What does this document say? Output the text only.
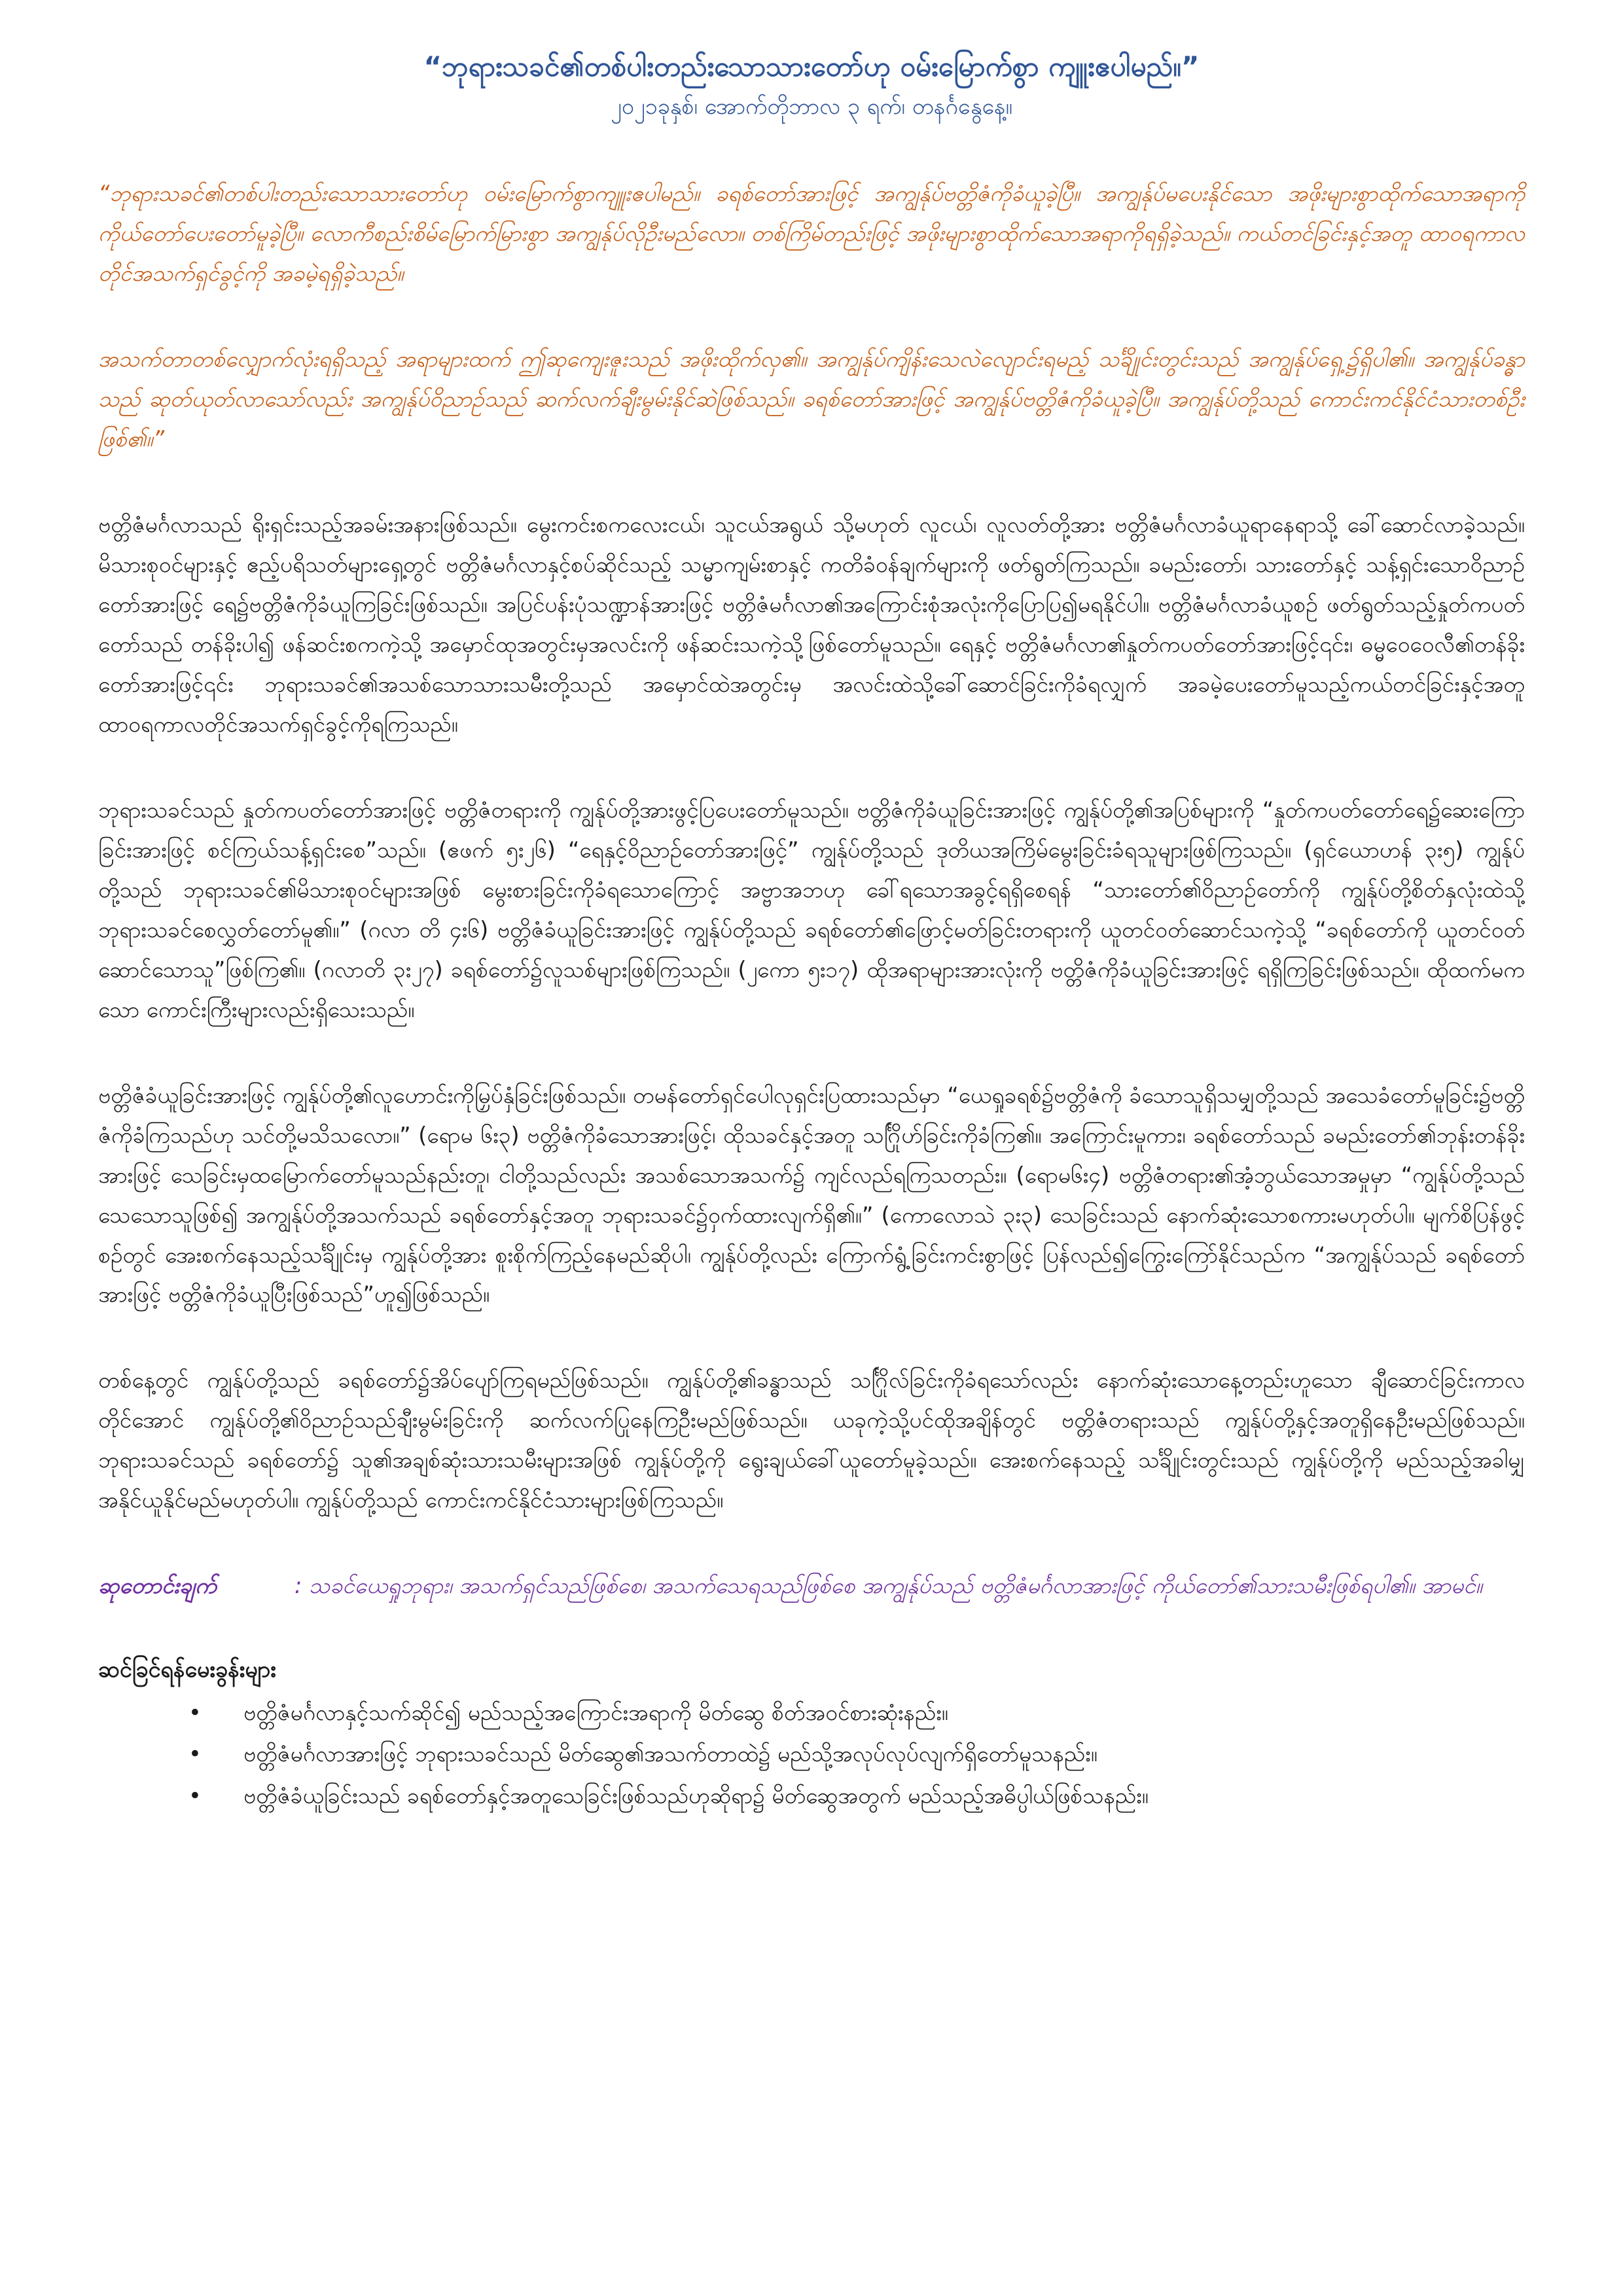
“ဘုရားသခင်၏တစ်ပါးတည်းသောသားတော်ဟု ဝမ်းမြောက်စွာ ကျူးဧပါမည်။”

၂၀၂၁ခုနှစ်၊ အောက်တိုဘာလ ၃ ရက်၊ တနင်္ဂနွေနေ့။

“ဘုရားသခင်၏တစ်ပါးတည်းသောသားတော်ဟု ဝမ်းမြောက်စွာကျူးဧပါမည်။ ခရစ်တော်အားဖြင့် အကျွန်ုပ်ဗတ္တိဇံကိုခံယူခဲ့ပြီ။ အကျွန်ုပ်မပေးနိုင်သော အဖိုးများစွာထိုက်သောအရာကို ကိုယ်တော်ပေးတော်မူခဲ့ပြီ။ လောကီစည်းစိမ်မြောက်မြားစွာ အကျွန်ုပ်လိုဦးမည်လော။ တစ်ကြိမ်တည်းဖြင့် အဖိုးများစွာထိုက်သောအရာကိုရရှိခဲ့သည်။ ကယ်တင်ခြင်းနှင့်အတူ ထာဝရကာလတိုင်အသက်ရှင်ခွင့်ကို အခမဲ့ရရှိခဲ့သည်။

အသက်တာတစ်လျှောက်လုံးရရှိသည့် အရာများထက် ဤဆုကျေးဇူးသည် အဖိုးထိုက်လှ၏။ အကျွန်ုပ်ကျိန်းသေလဲလျောင်းရမည့် သင်္ချိုင်းတွင်းသည် အကျွန်ုပ်ရှေ့၌ရှိပါ၏။ အကျွန်ုပ်ခန္ဓာသည် ဆုတ်ယုတ်လာသော်လည်း အကျွန်ုပ်ဝိညာဉ်သည် ဆက်လက်ချီးမွမ်းနိုင်ဆဲဖြစ်သည်။ ခရစ်တော်အားဖြင့် အကျွန်ုပ်ဗတ္တိဇံကိုခံယူခဲ့ပြီ။ အကျွန်ုပ်တို့သည် ကောင်းကင်နိုင်ငံသားတစ်ဦးဖြစ်၏။”

ဗတ္တိဇံမင်္ဂလာသည် ရိုးရှင်းသည့်အခမ်းအနားဖြစ်သည်။ မွေးကင်းစကလေးငယ်၊ သူငယ်အရွယ် သို့မဟုတ် လူငယ်၊ လူလတ်တို့အား ဗတ္တိဇံမင်္ဂလာခံယူရာနေရာသို့ ခေါ်ဆောင်လာခဲ့သည်။ မိသားစုဝင်များနှင့် ဧည့်ပရိသတ်များရှေ့တွင် ဗတ္တိဇံမင်္ဂလာနှင့်စပ်ဆိုင်သည့် သမ္မာကျမ်းစာနှင့် ကတိခံဝန်ချက်များကို ဖတ်ရွတ်ကြသည်။ ခမည်းတော်၊ သားတော်နှင့် သန့်ရှင်းသောဝိညာဉ်တော်အားဖြင့် ရေ၌ဗတ္တိဇံကိုခံယူကြခြင်းဖြစ်သည်။ အပြင်ပန်းပုံသဏ္ဍာန်အားဖြင့် ဗတ္တိဇံမင်္ဂလာ၏အကြောင်းစုံအလုံးကိုပြောပြ၍မရနိုင်ပါ။ ဗတ္တိဇံမင်္ဂလာခံယူစဉ် ဖတ်ရွတ်သည့်နှုတ်ကပတ်တော်သည် တန်ခိုးပါ၍ ဖန်ဆင်းစကကဲ့သို့ အမှောင်ထုအတွင်းမှအလင်းကို ဖန်ဆင်းသကဲ့သို့ဖြစ်တော်မူသည်။ ရေနှင့် ဗတ္တိဇံမင်္ဂလာ၏နှုတ်ကပတ်တော်အားဖြင့်၎င်း၊ ဓမ္မဝေဝေလီ၏တန်ခိုးတော်အားဖြင့်၎င်း ဘုရားသခင်၏အသစ်သောသားသမီးတို့သည် အမှောင်ထဲအတွင်းမှ အလင်းထဲသို့ခေါ်ဆောင်ခြင်းကိုခံရလျှက် အခမဲ့ပေးတော်မူသည့်ကယ်တင်ခြင်းနှင့်အတူ ထာဝရကာလတိုင်အသက်ရှင်ခွင့်ကိုရကြသည်။

ဘုရားသခင်သည် နှုတ်ကပတ်တော်အားဖြင့် ဗတ္တိဇံတရားကို ကျွန်ုပ်တို့အားဖွင့်ပြပေးတော်မူသည်။ ဗတ္တိဇံကိုခံယူခြင်းအားဖြင့် ကျွန်ုပ်တို့၏အပြစ်များကို “နှုတ်ကပတ်တော်ရေ၌ဆေးကြောခြင်းအားဖြင့် စင်ကြယ်သန့်ရှင်းစေ”သည်။ (ဧဖက် ၅း၂၆) “ရေနှင့်ဝိညာဉ်တော်အားဖြင့်” ကျွန်ုပ်တို့သည် ဒုတိယအကြိမ်မွေးခြင်းခံရသူများဖြစ်ကြသည်။ (ရှင်ယောဟန် ၃း၅) ကျွန်ုပ်တို့သည် ဘုရားသခင်၏မိသားစုဝင်များအဖြစ် မွေးစားခြင်းကိုခံရသောကြောင့် အဗ္ဗာအဘဟု ခေါ်ရသောအခွင့်ရရှိစေရန် “သားတော်၏ဝိညာဉ်တော်ကို ကျွန်ုပ်တို့စိတ်နှလုံးထဲသို့ ဘုရားသခင်စေလွှတ်တော်မူ၏။” (ဂလာ တိ ၄း၆) ဗတ္တိဇံခံယူခြင်းအားဖြင့် ကျွန်ုပ်တို့သည် ခရစ်တော်၏ဖြောင့်မတ်ခြင်းတရားကို ယူတင်ဝတ်ဆောင်သကဲ့သို့ “ခရစ်တော်ကို ယူတင်ဝတ်ဆောင်သောသူ”ဖြစ်ကြ၏။ (ဂလာတိ ၃း၂၇) ခရစ်တော်၌လူသစ်များဖြစ်ကြသည်။ (၂ကော ၅း၁၇) ထိုအရာများအားလုံးကို ဗတ္တိဇံကိုခံယူခြင်းအားဖြင့် ရရှိကြခြင်းဖြစ်သည်။ ထိုထက်မကသော ကောင်းကြီးများလည်းရှိသေးသည်။

ဗတ္တိဇံခံယူခြင်းအားဖြင့် ကျွန်ုပ်တို့၏လူဟောင်းကိုမြှပ်နှံခြင်းဖြစ်သည်။ တမန်တော်ရှင်ပေါလုရှင်းပြထားသည်မှာ “ယေရှုခရစ်၌ဗတ္တိဇံကို ခံသောသူရှိသမျှတို့သည် အသေခံတော်မူခြင်း၌ဗတ္တိဇံကိုခံကြသည်ဟု သင်တို့မသိသလော။” (ရောမ ၆း၃) ဗတ္တိဇံကိုခံသောအားဖြင့်၊ ထိုသခင်နှင့်အတူ သင်္ဂြိုဟ်ခြင်းကိုခံကြ၏။ အကြောင်းမူကား၊ ခရစ်တော်သည် ခမည်းတော်၏ဘုန်းတန်ခိုးအားဖြင့် သေခြင်းမှထမြောက်တော်မူသည်နည်းတူ၊ ငါတို့သည်လည်း အသစ်သောအသက်၌ ကျင်လည်ရကြသတည်း။ (ရောမ၆း၄) ဗတ္တိဇံတရား၏အံ့ဘွယ်သောအမှုမှာ “ကျွန်ုပ်တို့သည် သေသောသူဖြစ်၍ အကျွန်ုပ်တို့အသက်သည် ခရစ်တော်နှင့်အတူ ဘုရားသခင်၌ဝှက်ထားလျက်ရှိ၏။” (ကောလောသဲ ၃း၃) သေခြင်းသည် နောက်ဆုံးသောစကားမဟုတ်ပါ။ မျက်စိပြန်ဖွင့်စဉ်တွင် အေးစက်နေသည့်သင်္ချိုင်းမှ ကျွန်ုပ်တို့အား စူးစိုက်ကြည့်နေမည်ဆိုပါ၊ ကျွန်ုပ်တို့လည်း ကြောက်ရွံ့ခြင်းကင်းစွာဖြင့် ပြန်လည်၍ကြွေးကြော်နိုင်သည်က “အကျွန်ုပ်သည် ခရစ်တော်အားဖြင့် ဗတ္တိဇံကိုခံယူပြီးဖြစ်သည်”ဟူ၍ဖြစ်သည်။

တစ်နေ့တွင် ကျွန်ုပ်တို့သည် ခရစ်တော်၌အိပ်ပျော်ကြရမည်ဖြစ်သည်။ ကျွန်ုပ်တို့၏ခန္ဓာသည် သင်္ဂြိုလ်ခြင်းကိုခံရသော်လည်း နောက်ဆုံးသောနေ့တည်းဟူသော ချီဆောင်ခြင်းကာလတိုင်အောင် ကျွန်ုပ်တို့၏ဝိညာဉ်သည်ချီးမွမ်းခြင်းကို ဆက်လက်ပြုနေကြဦးမည်ဖြစ်သည်။ ယခုကဲ့သို့ပင်ထိုအချိန်တွင် ဗတ္တိဇံတရားသည် ကျွန်ုပ်တို့နှင့်အတူရှိနေဦးမည်ဖြစ်သည်။ ဘုရားသခင်သည် ခရစ်တော်၌ သူ၏အချစ်ဆုံးသားသမီးများအဖြစ် ကျွန်ုပ်တို့ကို ရွေးချယ်ခေါ်ယူတော်မူခဲ့သည်။ အေးစက်နေသည့် သင်္ချိုင်းတွင်းသည် ကျွန်ုပ်တို့ကို မည်သည့်အခါမျှ အနိုင်ယူနိုင်မည်မဟုတ်ပါ။ ကျွန်ုပ်တို့သည် ကောင်းကင်နိုင်ငံသားများဖြစ်ကြသည်။

ဆုတောင်းချက်	: သခင်ယေရှုဘုရား၊ အသက်ရှင်သည်ဖြစ်စေ၊ အသက်သေရသည်ဖြစ်စေ အကျွန်ုပ်သည် ဗတ္တိဇံမင်္ဂလာအားဖြင့် ကိုယ်တော်၏သားသမီးဖြစ်ရပါ၏။ အာမင်။
ဆင်ခြင်ရန်မေးခွန်းများ
• ဗတ္တိဇံမင်္ဂလာနှင့်သက်ဆိုင်၍ မည်သည့်အကြောင်းအရာကို မိတ်ဆွေ စိတ်အဝင်စားဆုံးနည်း။
• ဗတ္တိဇံမင်္ဂလာအားဖြင့် ဘုရားသခင်သည် မိတ်ဆွေ၏အသက်တာထဲ၌ မည်သို့အလုပ်လုပ်လျက်ရှိတော်မူသနည်း။
• ဗတ္တိဇံခံယူခြင်းသည် ခရစ်တော်နှင့်အတူသေခြင်းဖြစ်သည်ဟုဆိုရာ၌ မိတ်ဆွေအတွက် မည်သည့်အဓိပ္ပါယ်ဖြစ်သနည်း။
